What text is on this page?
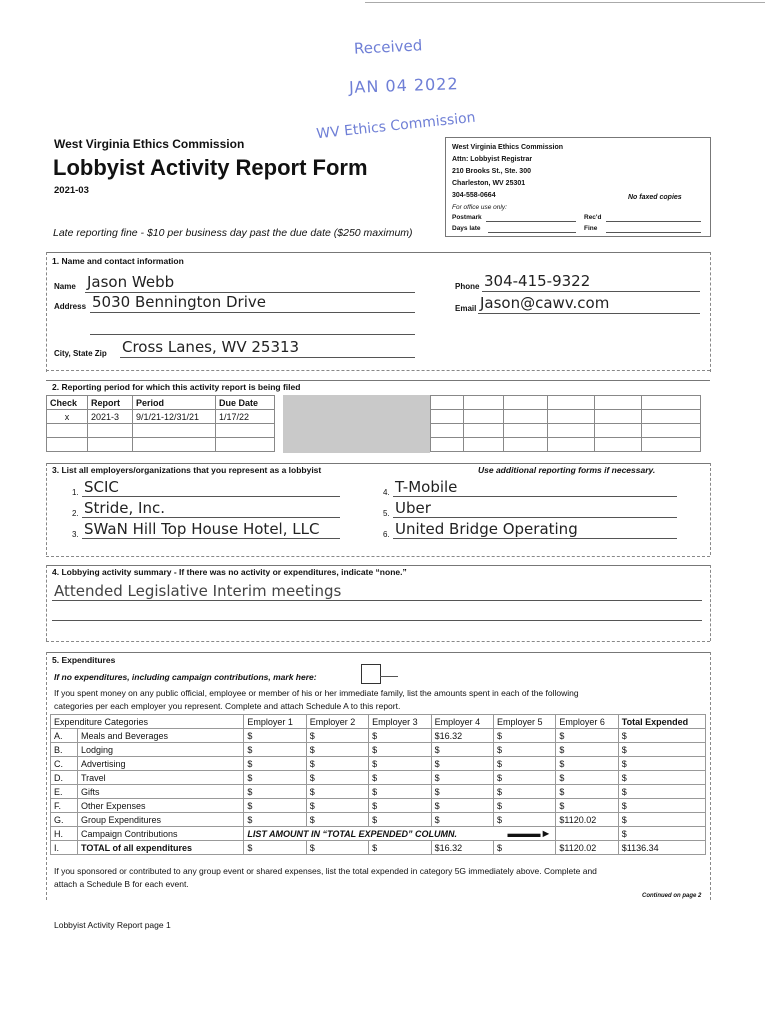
Received
JAN 04 2022
WV Ethics Commission
West Virginia Ethics Commission
Lobbyist Activity Report Form
2021-03
Late reporting fine - $10 per business day past the due date ($250 maximum)
West Virginia Ethics Commission
Attn: Lobbyist Registrar
210 Brooks St., Ste. 300
Charleston, WV 25301
304-558-0664	No faxed copies
For office use only:
Postmark	Rec'd
Days late	Fine
1. Name and contact information
Name Jason Webb
Address 5030 Bennington Drive
City, State Zip Cross Lanes, WV 25313
Phone 304-415-9322
Email Jason@cawv.com
2. Reporting period for which this activity report is being filed
Check	Report	Period	Due Date
x	2021-3	9/1/21-12/31/21	1/17/22

3. List all employers/organizations that you represent as a lobbyist	Use additional reporting forms if necessary.
1. SCIC
2. Stride, Inc.
3. SWaN Hill Top House Hotel, LLC
4. T-Mobile
5. Uber
6. United Bridge Operating
4. Lobbying activity summary - If there was no activity or expenditures, indicate “none.”
Attended Legislative Interim meetings
5. Expenditures
If no expenditures, including campaign contributions, mark here:
If you spent money on any public official, employee or member of his or her immediate family, list the amounts spent in each of the following
categories per each employer you represent. Complete and attach Schedule A to this report.
Expenditure Categories		Employer 1	Employer 2	Employer 3	Employer 4	Employer 5	Employer 6	Total Expended
A.	Meals and Beverages	$	$	$	$16.32	$	$	$
B.	Lodging	$	$	$	$	$	$	$
C.	Advertising	$	$	$	$	$	$	$
D.	Travel	$	$	$	$	$	$	$
E.	Gifts	$	$	$	$	$	$	$
F.	Other Expenses	$	$	$	$	$	$	$
G.	Group Expenditures	$	$	$	$	$	$1120.02	$
H.	Campaign Contributions	LIST AMOUNT IN “TOTAL EXPENDED” COLUMN. ▬▬▬►						$
I.	TOTAL of all expenditures	$	$	$	$16.32	$	$1120.02	$1136.34
If you sponsored or contributed to any group event or shared expenses, list the total expended in category 5G immediately above. Complete and
attach a Schedule B for each event.
Continued on page 2
Lobbyist Activity Report page 1
